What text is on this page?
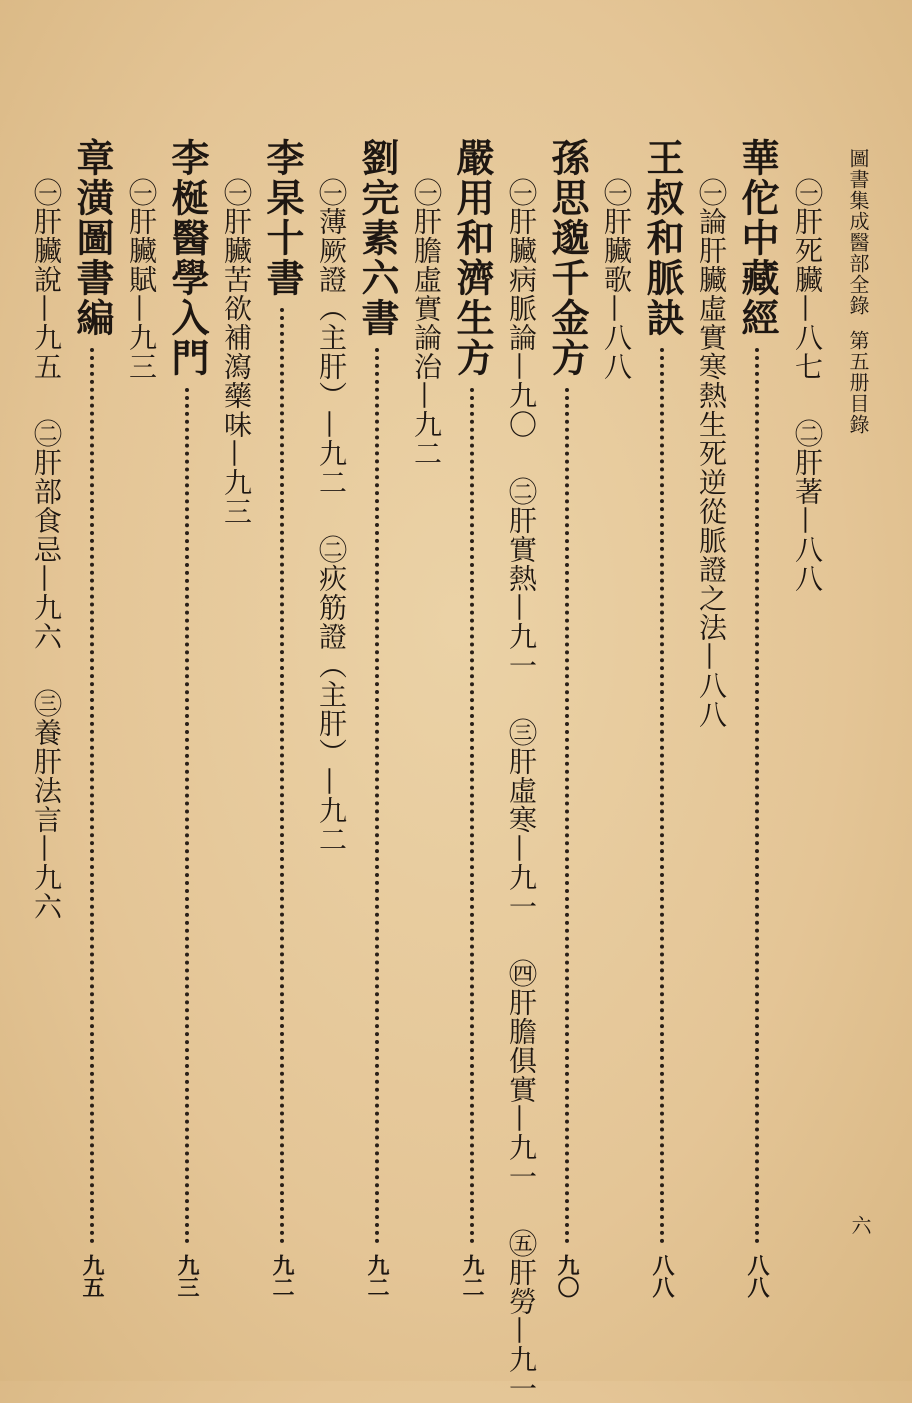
圖書集成醫部全錄第五册目錄
六
㊀肝死臟—八七 ㊁肝著—八八
華佗中藏經
八八
㊀論肝臟虛實寒熱生死逆從脈證之法—八八
王叔和脈訣
八八
㊀肝臟歌—八八
孫思邈千金方
九〇
㊀肝臟病脈論—九〇 ㊁肝實熱—九一 ㊂肝虛寒—九一 ㊃肝膽俱實—九一 ㊄肝勞—九一
嚴用和濟生方
九二
㊀肝膽虛實論治—九二
劉完素六書
九二
㊀薄厥證（主肝）—九二 ㊁疢筋證（主肝）—九二
李杲十書
九二
㊀肝臟苦欲補瀉藥味—九三
李梴醫學入門
九三
㊀肝臟賦—九三
章潢圖書編
九五
㊀肝臟說—九五 ㊁肝部食忌—九六 ㊂養肝法言—九六
